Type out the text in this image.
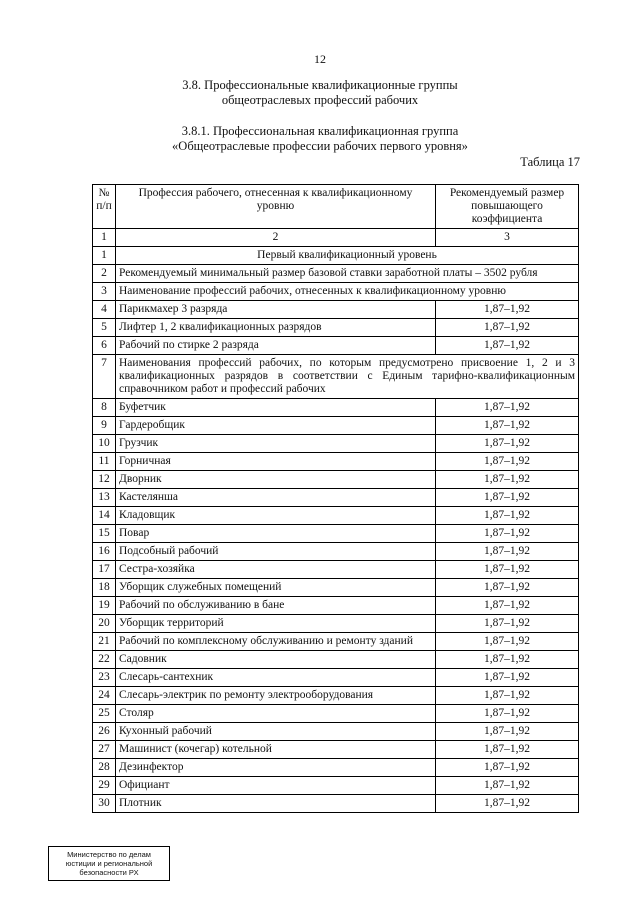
12
3.8. Профессиональные квалификационные группы
общеотраслевых профессий рабочих
3.8.1. Профессиональная квалификационная группа
«Общеотраслевые профессии рабочих первого уровня»
Таблица 17
№ п/п	Профессия рабочего, отнесенная к квалификационному уровню	Рекомендуемый размер повышающего коэффициента
1	2	3
1	Первый квалификационный уровень	
2	Рекомендуемый минимальный размер базовой ставки заработной платы – 3502 рубля	
3	Наименование профессий рабочих, отнесенных к квалификационному уровню	
4	Парикмахер 3 разряда	1,87–1,92
5	Лифтер 1, 2 квалификационных разрядов	1,87–1,92
6	Рабочий по стирке 2 разряда	1,87–1,92
7	Наименования профессий рабочих, по которым предусмотрено присвоение 1, 2 и 3 квалификационных разрядов в соответствии с Единым тарифно-квалификационным справочником работ и профессий рабочих	
8	Буфетчик	1,87–1,92
9	Гардеробщик	1,87–1,92
10	Грузчик	1,87–1,92
11	Горничная	1,87–1,92
12	Дворник	1,87–1,92
13	Кастелянша	1,87–1,92
14	Кладовщик	1,87–1,92
15	Повар	1,87–1,92
16	Подсобный рабочий	1,87–1,92
17	Сестра-хозяйка	1,87–1,92
18	Уборщик служебных помещений	1,87–1,92
19	Рабочий по обслуживанию в бане	1,87–1,92
20	Уборщик территорий	1,87–1,92
21	Рабочий по комплексному обслуживанию и ремонту зданий	1,87–1,92
22	Садовник	1,87–1,92
23	Слесарь-сантехник	1,87–1,92
24	Слесарь-электрик по ремонту электрооборудования	1,87–1,92
25	Столяр	1,87–1,92
26	Кухонный рабочий	1,87–1,92
27	Машинист (кочегар) котельной	1,87–1,92
28	Дезинфектор	1,87–1,92
29	Официант	1,87–1,92
30	Плотник	1,87–1,92
Министерство по делам
юстиции и региональной
безопасности РХ
